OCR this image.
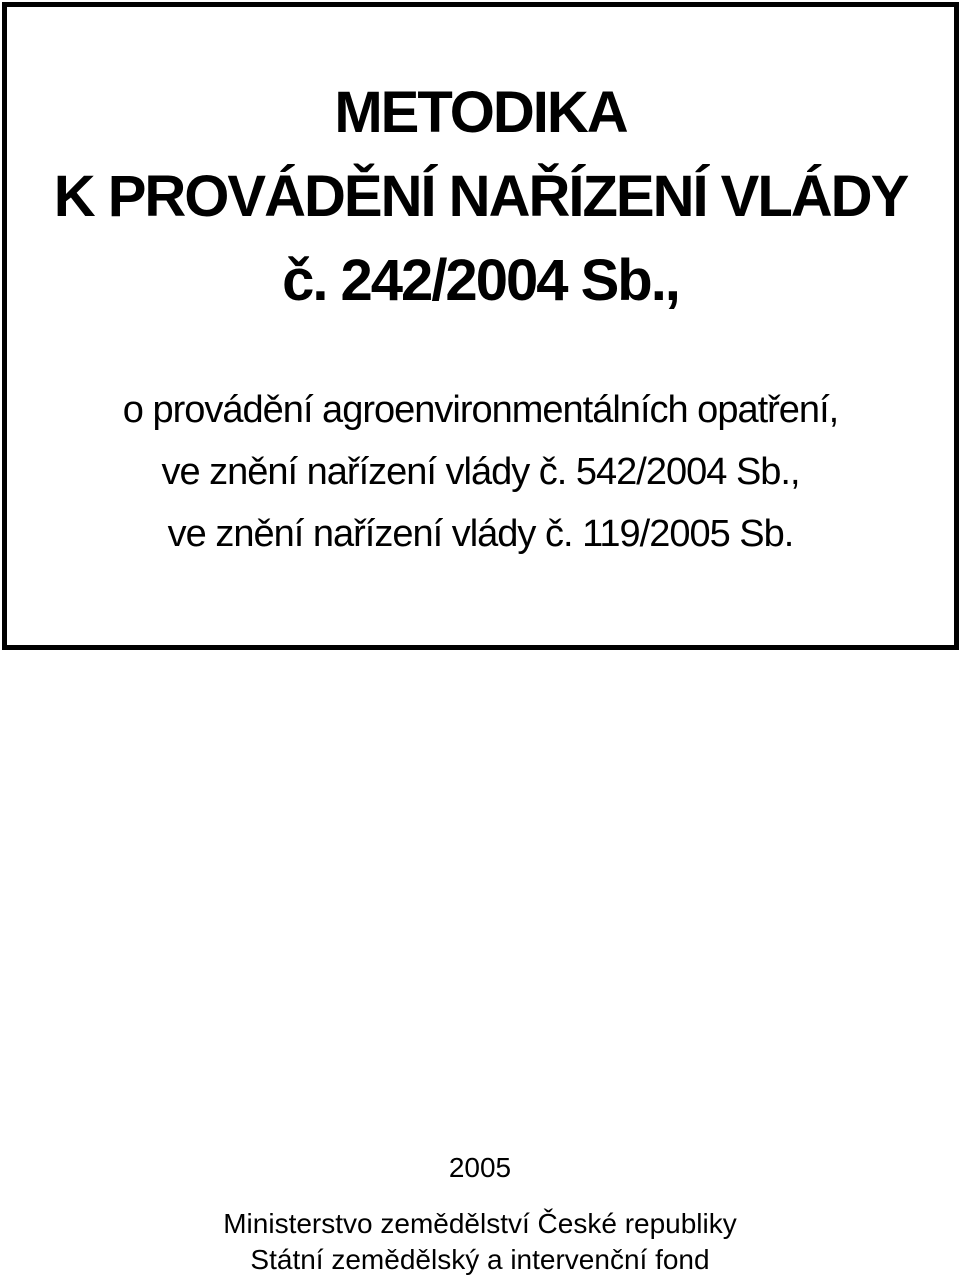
METODIKA
K PROVÁDĚNÍ NAŘÍZENÍ VLÁDY
č. 242/2004 Sb.,
o provádění agroenvironmentálních opatření,
ve znění nařízení vlády č. 542/2004 Sb.,
ve znění nařízení vlády č. 119/2005 Sb.
2005
Ministerstvo zemědělství České republiky
Státní zemědělský a intervenční fond
